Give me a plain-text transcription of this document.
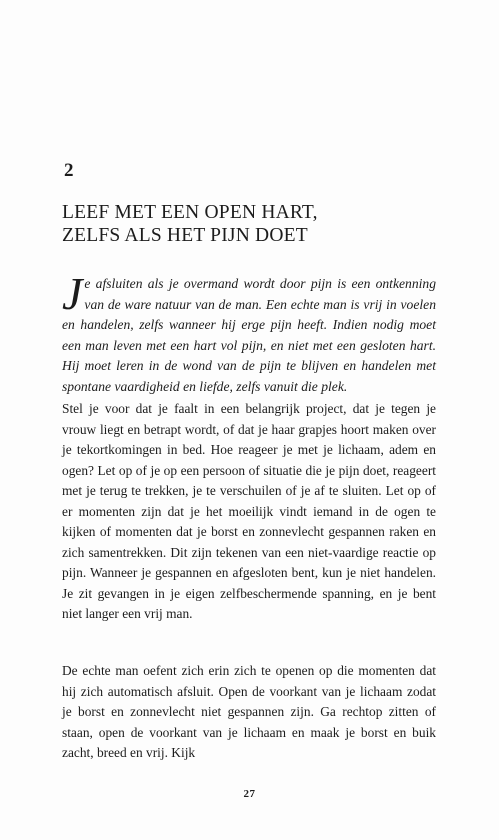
2
LEEF MET EEN OPEN HART,
ZELFS ALS HET PIJN DOET
Je afsluiten als je overmand wordt door pijn is een ontkenning van de ware natuur van de man. Een echte man is vrij in voelen en handelen, zelfs wanneer hij erge pijn heeft. Indien nodig moet een man leven met een hart vol pijn, en niet met een gesloten hart. Hij moet leren in de wond van de pijn te blijven en handelen met spontane vaardigheid en liefde, zelfs vanuit die plek.
Stel je voor dat je faalt in een belangrijk project, dat je tegen je vrouw liegt en betrapt wordt, of dat je haar grapjes hoort maken over je tekortkomingen in bed. Hoe reageer je met je lichaam, adem en ogen? Let op of je op een persoon of situatie die je pijn doet, reageert met je terug te trekken, je te verschuilen of je af te sluiten. Let op of er momenten zijn dat je het moeilijk vindt iemand in de ogen te kijken of momenten dat je borst en zonnevlecht gespannen raken en zich samentrekken. Dit zijn tekenen van een niet-vaardige reactie op pijn. Wanneer je gespannen en afgesloten bent, kun je niet handelen. Je zit gevangen in je eigen zelfbeschermende spanning, en je bent niet langer een vrij man.
De echte man oefent zich erin zich te openen op die momenten dat hij zich automatisch afsluit. Open de voorkant van je lichaam zodat je borst en zonnevlecht niet gespannen zijn. Ga rechtop zitten of staan, open de voorkant van je lichaam en maak je borst en buik zacht, breed en vrij. Kijk
27
